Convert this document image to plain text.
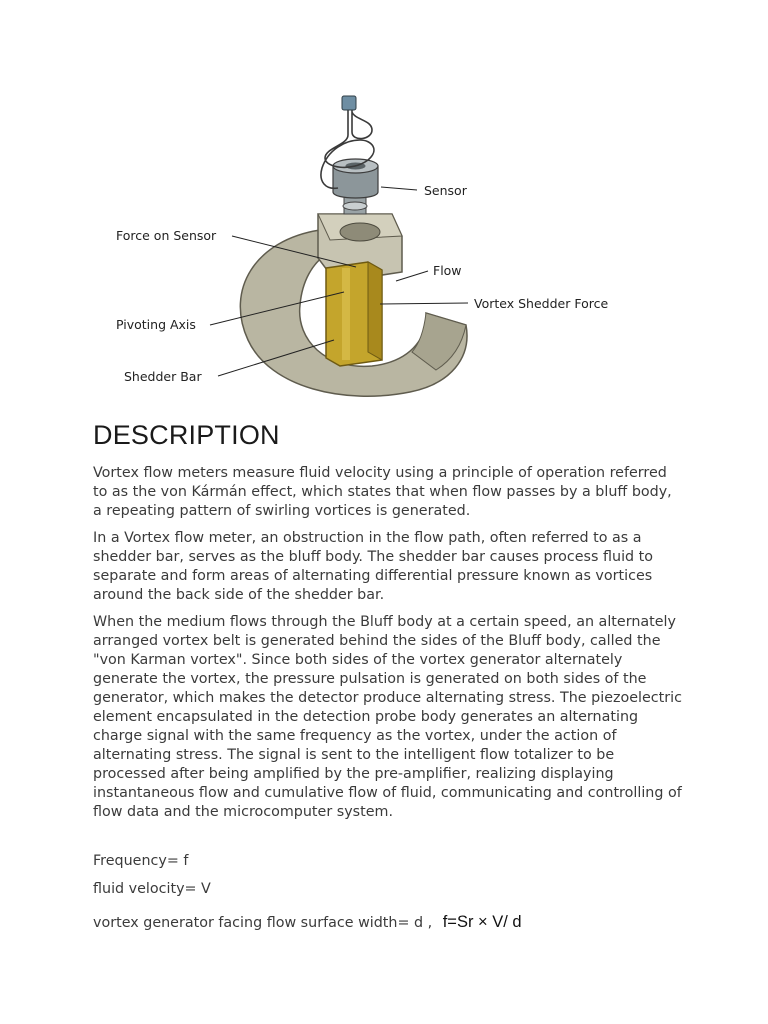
Sensor
Force on Sensor
Flow
Vortex Shedder Force
Pivoting Axis
Shedder Bar
DESCRIPTION

Vortex flow meters measure fluid velocity using a principle of operation referred to as the von Kármán effect, which states that when flow passes by a bluff body, a repeating pattern of swirling vortices is generated.

In a Vortex flow meter, an obstruction in the flow path, often referred to as a shedder bar, serves as the bluff body. The shedder bar causes process fluid to separate and form areas of alternating differential pressure known as vortices around the back side of the shedder bar.

When the medium flows through the Bluff body at a certain speed, an alternately arranged vortex belt is generated behind the sides of the Bluff body, called the "von Karman vortex". Since both sides of the vortex generator alternately generate the vortex, the pressure pulsation is generated on both sides of the generator, which makes the detector produce alternating stress. The piezoelectric element encapsulated in the detection probe body generates an alternating charge signal with the same frequency as the vortex, under the action of alternating stress. The signal is sent to the intelligent flow totalizer to be processed after being amplified by the pre-amplifier, realizing displaying instantaneous flow and cumulative flow of fluid, communicating and controlling of flow data and the microcomputer system.

Frequency= f

fluid velocity= V

vortex generator facing flow surface width= d , f=Sr × V/ d
